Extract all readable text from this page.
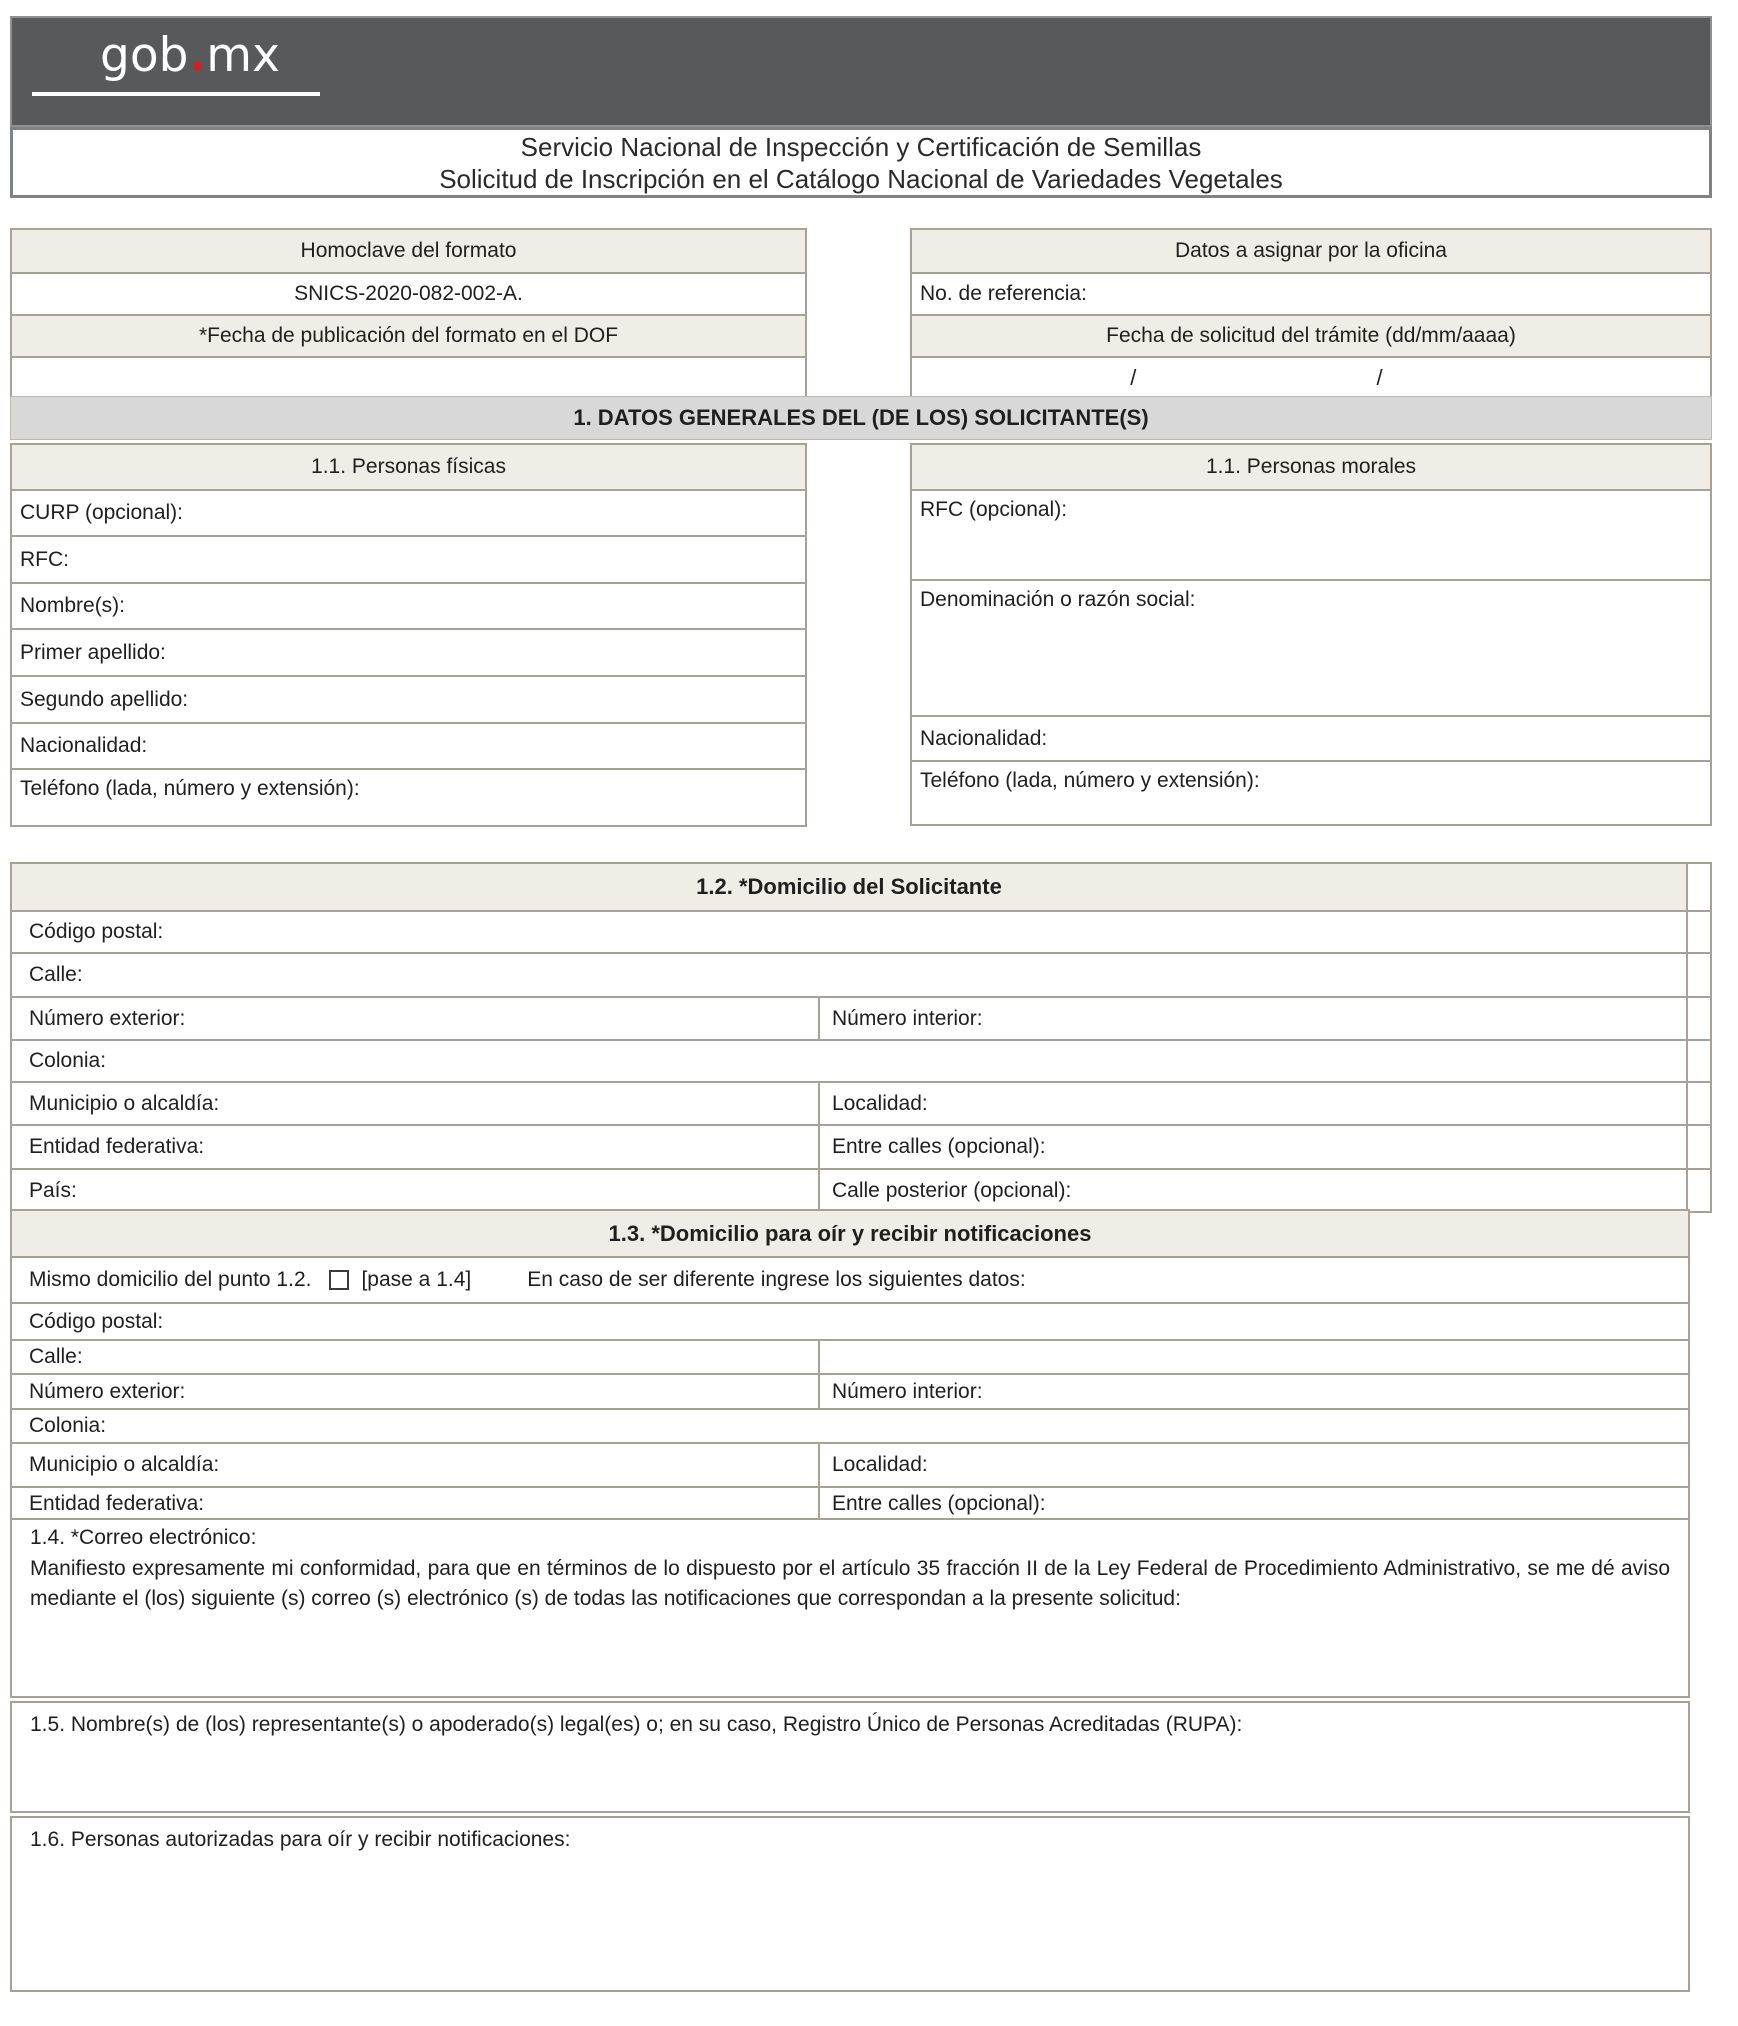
gob.mx
Servicio Nacional de Inspección y Certificación de Semillas
Solicitud de Inscripción en el Catálogo Nacional de Variedades Vegetales
Homoclave del formato
SNICS-2020-082-002-A.
*Fecha de publicación del formato en el DOF
Datos a asignar por la oficina
No. de referencia:
Fecha de solicitud del trámite (dd/mm/aaaa)
/	/
1. DATOS GENERALES DEL (DE LOS) SOLICITANTE(S)
1.1. Personas físicas
CURP (opcional):
RFC:
Nombre(s):
Primer apellido:
Segundo apellido:
Nacionalidad:
Teléfono (lada, número y extensión):
1.1. Personas morales
RFC (opcional):
Denominación o razón social:
Nacionalidad:
Teléfono (lada, número y extensión):
1.2. *Domicilio del Solicitante
Código postal:
Calle:
Número exterior:	Número interior:
Colonia:
Municipio o alcaldía:	Localidad:
Entidad federativa:	Entre calles (opcional):
País:	Calle posterior (opcional):
1.3. *Domicilio para oír y recibir notificaciones
Mismo domicilio del punto 1.2. [pase a 1.4]	En caso de ser diferente ingrese los siguientes datos:
Código postal:
Calle:
Número exterior:	Número interior:
Colonia:
Municipio o alcaldía:	Localidad:
Entidad federativa:	Entre calles (opcional):
1.4. *Correo electrónico:
Manifiesto expresamente mi conformidad, para que en términos de lo dispuesto por el artículo 35 fracción II de la Ley Federal de Procedimiento Administrativo, se me dé aviso mediante el (los) siguiente (s) correo (s) electrónico (s) de todas las notificaciones que correspondan a la presente solicitud:
1.5. Nombre(s) de (los) representante(s) o apoderado(s) legal(es) o; en su caso, Registro Único de Personas Acreditadas (RUPA):
1.6. Personas autorizadas para oír y recibir notificaciones:
